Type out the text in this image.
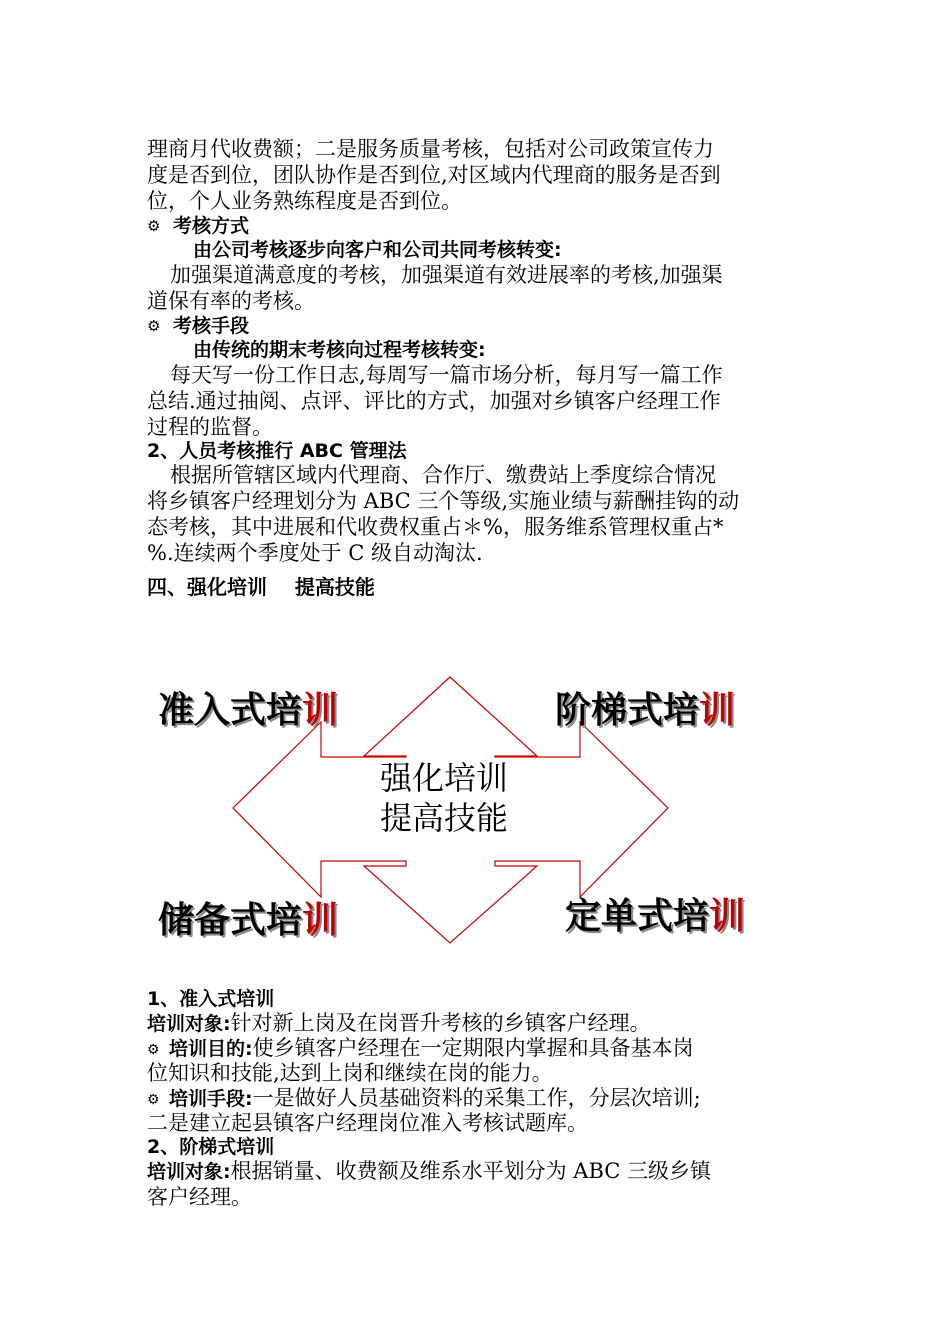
理商月代收费额；二是服务质量考核，包括对公司政策宣传力
度是否到位，团队协作是否到位,对区域内代理商的服务是否到
位，个人业务熟练程度是否到位。
⚙ 考核方式
由公司考核逐步向客户和公司共同考核转变:
加强渠道满意度的考核，加强渠道有效进展率的考核,加强渠
道保有率的考核。
⚙ 考核手段
由传统的期末考核向过程考核转变:
每天写一份工作日志,每周写一篇市场分析，每月写一篇工作
总结.通过抽阅、点评、评比的方式，加强对乡镇客户经理工作
过程的监督。
2、人员考核推行 ABC 管理法
根据所管辖区域内代理商、合作厅、缴费站上季度综合情况
将乡镇客户经理划分为 ABC 三个等级,实施业绩与薪酬挂钩的动
态考核，其中进展和代收费权重占＊%，服务维系管理权重占*
%.连续两个季度处于 C 级自动淘汰.
四、强化培训    提高技能
准入式培训	阶梯式培训
储备式培训	定单式培训
强化培训
提高技能
1、准入式培训
培训对象:针对新上岗及在岗晋升考核的乡镇客户经理。
⚙ 培训目的:使乡镇客户经理在一定期限内掌握和具备基本岗
位知识和技能,达到上岗和继续在岗的能力。
⚙ 培训手段:一是做好人员基础资料的采集工作，分层次培训;
二是建立起县镇客户经理岗位准入考核试题库。
2、阶梯式培训
培训对象:根据销量、收费额及维系水平划分为 ABC 三级乡镇
客户经理。
